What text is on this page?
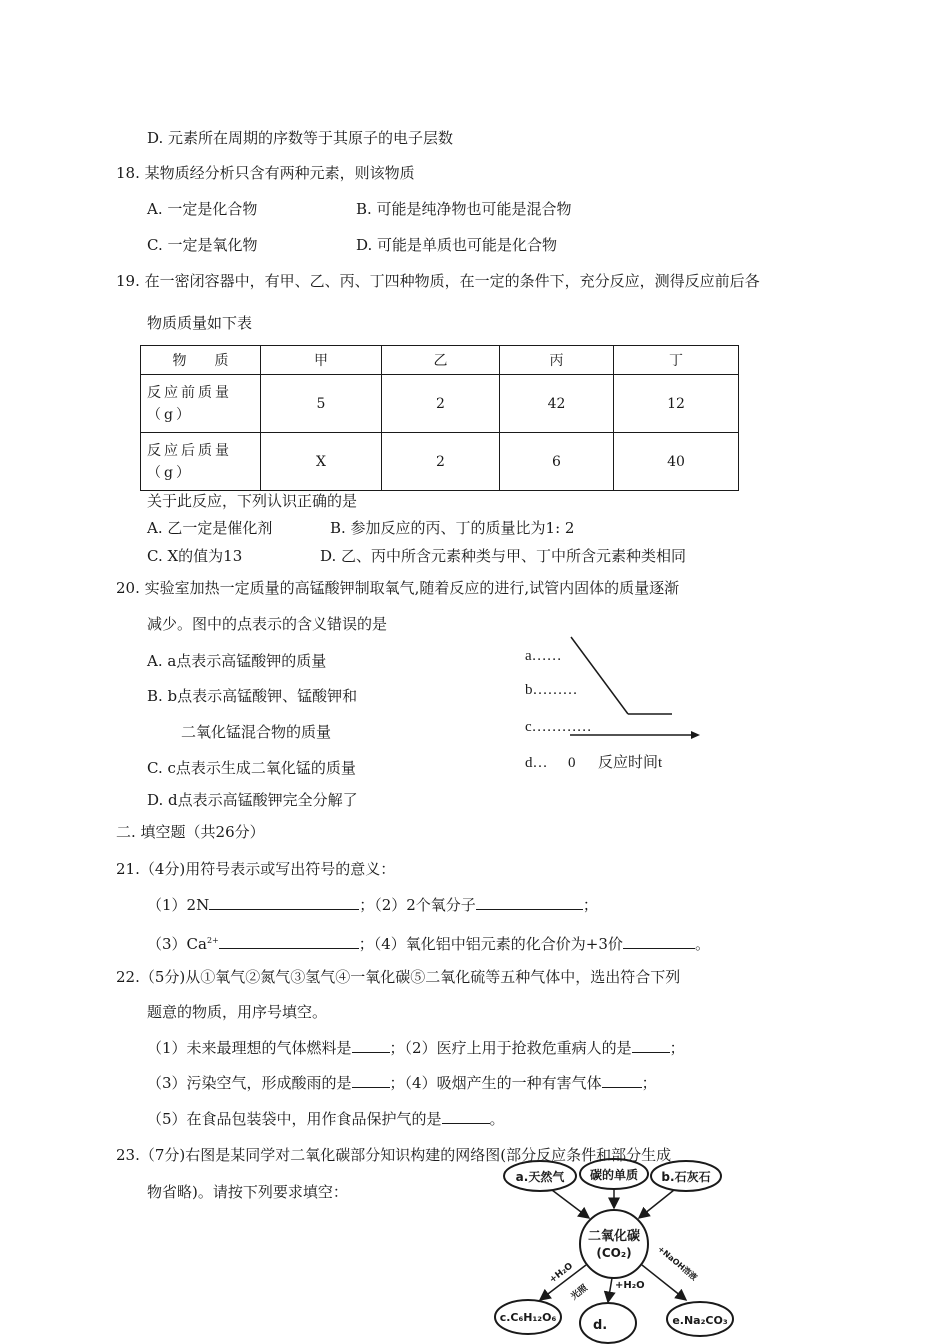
D. 元素所在周期的序数等于其原子的电子层数
18. 某物质经分析只含有两种元素，则该物质
A. 一定是化合物	B. 可能是纯净物也可能是混合物
C. 一定是氧化物	D. 可能是单质也可能是化合物
19. 在一密闭容器中，有甲、乙、丙、丁四种物质，在一定的条件下，充分反应，测得反应前后各
物质质量如下表
物　　质	甲	乙	丙	丁

反应前质量
（g）	5	2	42	12

反应后质量
（g）	X	2	6	40
关于此反应，下列认识正确的是
A. 乙一定是催化剂	B. 参加反应的丙、丁的质量比为1: 2
C. X的值为13	D. 乙、丙中所含元素种类与甲、丁中所含元素种类相同
20. 实验室加热一定质量的高锰酸钾制取氧气,随着反应的进行,试管内固体的质量逐渐
减少。图中的点表示的含义错误的是
A. a点表示高锰酸钾的质量
B. b点表示高锰酸钾、锰酸钾和
二氧化锰混合物的质量
C. c点表示生成二氧化锰的质量
D. d点表示高锰酸钾完全分解了
a……
b………
c…………
d… 0 反应时间t
二. 填空题（共26分）
21.（4分)用符号表示或写出符号的意义：
（1）2N	；（2）2个氧分子	；
$(3)Ca^{2+}$	；（4）氧化铝中铝元素的化合价为+3价	。
22.（5分)从①氧气②氮气③氢气④一氧化碳⑤二氧化硫等五种气体中，选出符合下列
题意的物质，用序号填空。
（1）未来最理想的气体燃料是	；（2）医疗上用于抢救危重病人的是	；
（3）污染空气，形成酸雨的是	；（4）吸烟产生的一种有害气体	；
（5）在食品包装袋中，用作食品保护气的是	。
23.（7分)右图是某同学对二氧化碳部分知识构建的网络图(部分反应条件和部分生成
物省略)。请按下列要求填空：
a.天然气 碳的单质 b.石灰石
二氧化碳
(CO₂)
+H₂O
光照	+H₂O
+NaOH溶液
c.C₆H₁₂O₆
d.	e.Na₂CO₃
